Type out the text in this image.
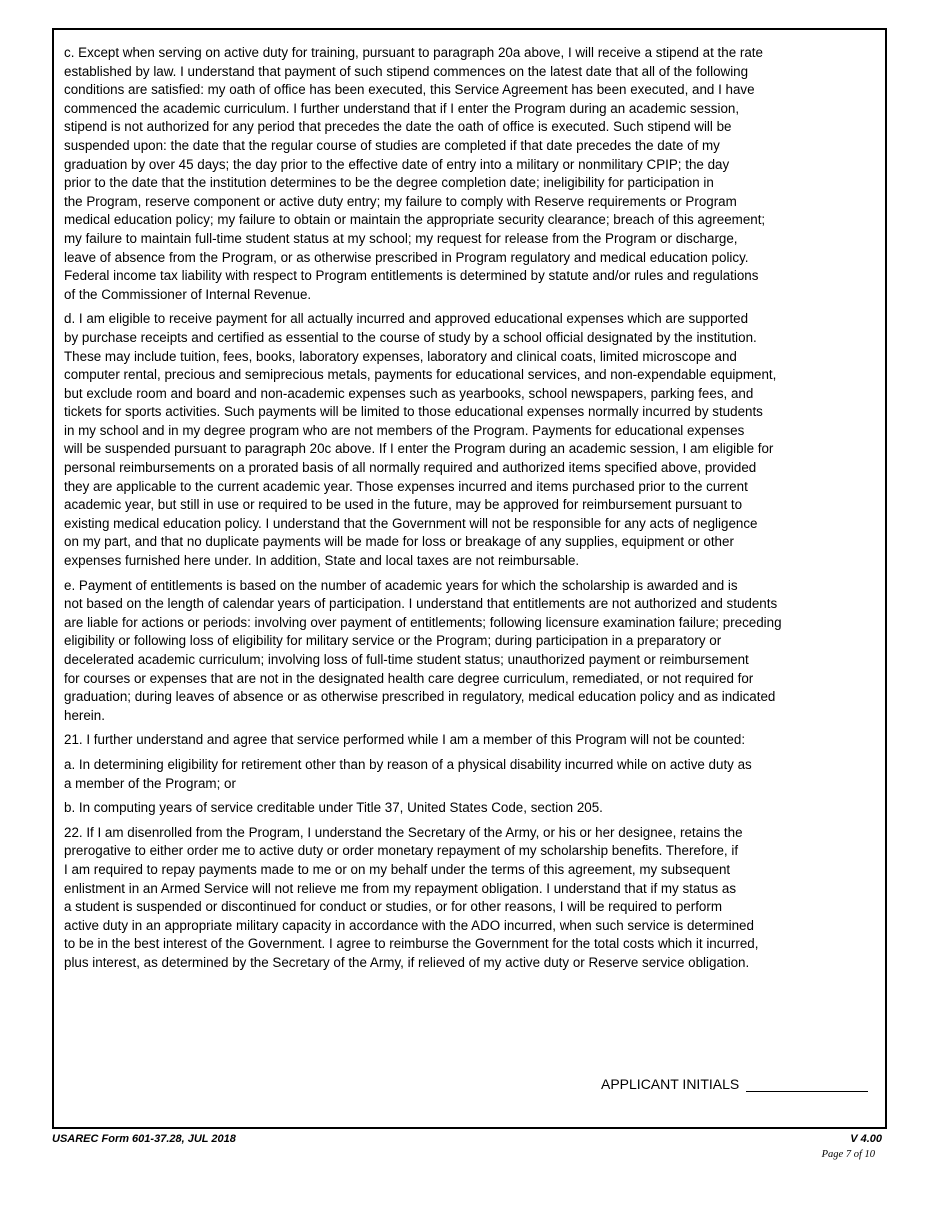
c. Except when serving on active duty for training, pursuant to paragraph 20a above, I will receive a stipend at the rate
established by law. I understand that payment of such stipend commences on the latest date that all of the following
conditions are satisfied: my oath of office has been executed, this Service Agreement has been executed, and I have
commenced the academic curriculum. I further understand that if I enter the Program during an academic session,
stipend is not authorized for any period that precedes the date the oath of office is executed. Such stipend will be
suspended upon: the date that the regular course of studies are completed if that date precedes the date of my
graduation by over 45 days; the day prior to the effective date of entry into a military or nonmilitary CPIP; the day
prior to the date that the institution determines to be the degree completion date; ineligibility for participation in
the Program, reserve component or active duty entry; my failure to comply with Reserve requirements or Program
medical education policy; my failure to obtain or maintain the appropriate security clearance; breach of this agreement;
my failure to maintain full-time student status at my school; my request for release from the Program or discharge,
leave of absence from the Program, or as otherwise prescribed in Program regulatory and medical education policy.
Federal income tax liability with respect to Program entitlements is determined by statute and/or rules and regulations
of the Commissioner of Internal Revenue.

d. I am eligible to receive payment for all actually incurred and approved educational expenses which are supported
by purchase receipts and certified as essential to the course of study by a school official designated by the institution.
These may include tuition, fees, books, laboratory expenses, laboratory and clinical coats, limited microscope and
computer rental, precious and semiprecious metals, payments for educational services, and non-expendable equipment,
but exclude room and board and non-academic expenses such as yearbooks, school newspapers, parking fees, and
tickets for sports activities. Such payments will be limited to those educational expenses normally incurred by students
in my school and in my degree program who are not members of the Program. Payments for educational expenses
will be suspended pursuant to paragraph 20c above. If I enter the Program during an academic session, I am eligible for
personal reimbursements on a prorated basis of all normally required and authorized items specified above, provided
they are applicable to the current academic year. Those expenses incurred and items purchased prior to the current
academic year, but still in use or required to be used in the future, may be approved for reimbursement pursuant to
existing medical education policy. I understand that the Government will not be responsible for any acts of negligence
on my part, and that no duplicate payments will be made for loss or breakage of any supplies, equipment or other
expenses furnished here under. In addition, State and local taxes are not reimbursable.

e. Payment of entitlements is based on the number of academic years for which the scholarship is awarded and is
not based on the length of calendar years of participation. I understand that entitlements are not authorized and students
are liable for actions or periods: involving over payment of entitlements; following licensure examination failure; preceding
eligibility or following loss of eligibility for military service or the Program; during participation in a preparatory or
decelerated academic curriculum; involving loss of full-time student status; unauthorized payment or reimbursement
for courses or expenses that are not in the designated health care degree curriculum, remediated, or not required for
graduation; during leaves of absence or as otherwise prescribed in regulatory, medical education policy and as indicated
herein.

21. I further understand and agree that service performed while I am a member of this Program will not be counted:

a. In determining eligibility for retirement other than by reason of a physical disability incurred while on active duty as
a member of the Program; or

b. In computing years of service creditable under Title 37, United States Code, section 205.

22. If I am disenrolled from the Program, I understand the Secretary of the Army, or his or her designee, retains the
prerogative to either order me to active duty or order monetary repayment of my scholarship benefits. Therefore, if
I am required to repay payments made to me or on my behalf under the terms of this agreement, my subsequent
enlistment in an Armed Service will not relieve me from my repayment obligation. I understand that if my status as
a student is suspended or discontinued for conduct or studies, or for other reasons, I will be required to perform
active duty in an appropriate military capacity in accordance with the ADO incurred, when such service is determined
to be in the best interest of the Government. I agree to reimburse the Government for the total costs which it incurred,
plus interest, as determined by the Secretary of the Army, if relieved of my active duty or Reserve service obligation.

APPLICANT INITIALS
USAREC Form 601-37.28, JUL 2018	V 4.00
Page 7 of 10
